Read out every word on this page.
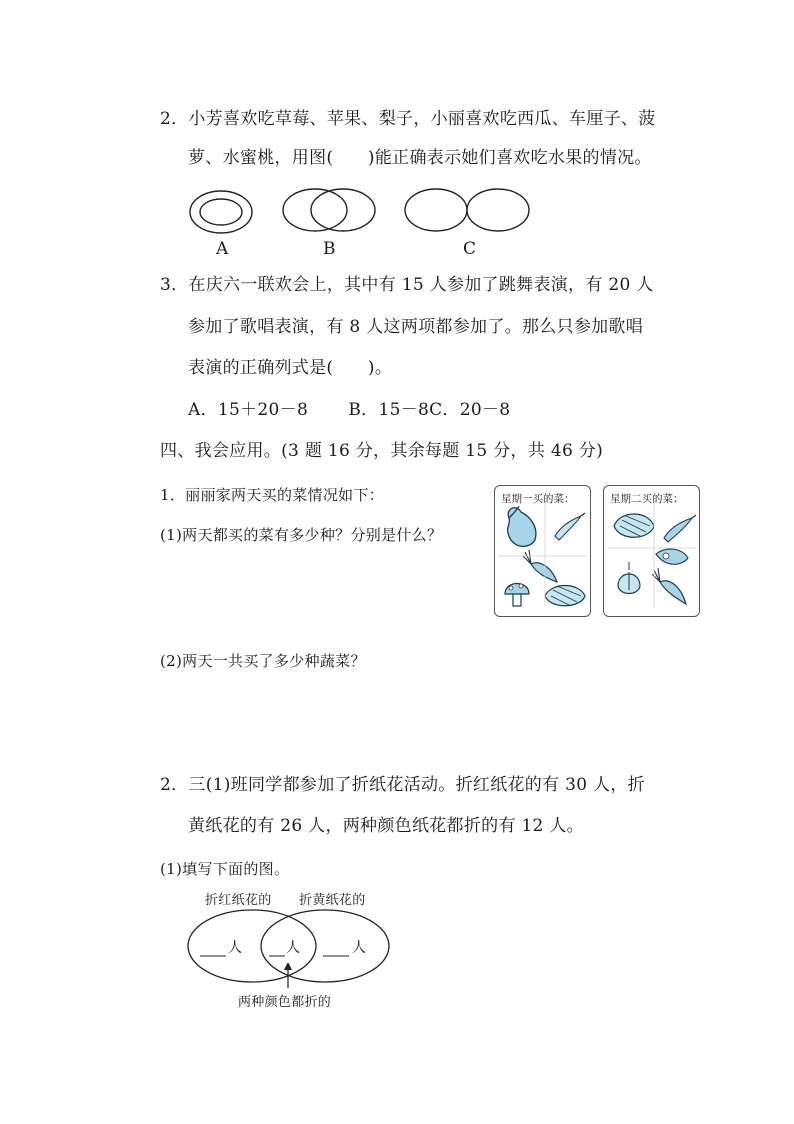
2．小芳喜欢吃草莓、苹果、梨子，小丽喜欢吃西瓜、车厘子、菠
萝、水蜜桃，用图(　　)能正确表示她们喜欢吃水果的情况。
A	B	C
3．在庆六一联欢会上，其中有 15 人参加了跳舞表演，有 20 人
参加了歌唱表演，有 8 人这两项都参加了。那么只参加歌唱
表演的正确列式是(　　)。
A．15＋20－8　　 B．15－8C．20－8
四、我会应用。(3 题 16 分，其余每题 15 分，共 46 分)
1．丽丽家两天买的菜情况如下：
(1)两天都买的菜有多少种？分别是什么？
星期一买的菜：	星期二买的菜：
(2)两天一共买了多少种蔬菜？
2．三(1)班同学都参加了折纸花活动。折红纸花的有 30 人，折
黄纸花的有 26 人，两种颜色纸花都折的有 12 人。
(1)填写下面的图。
折红纸花的 折黄纸花的
人	人	人
两种颜色都折的
